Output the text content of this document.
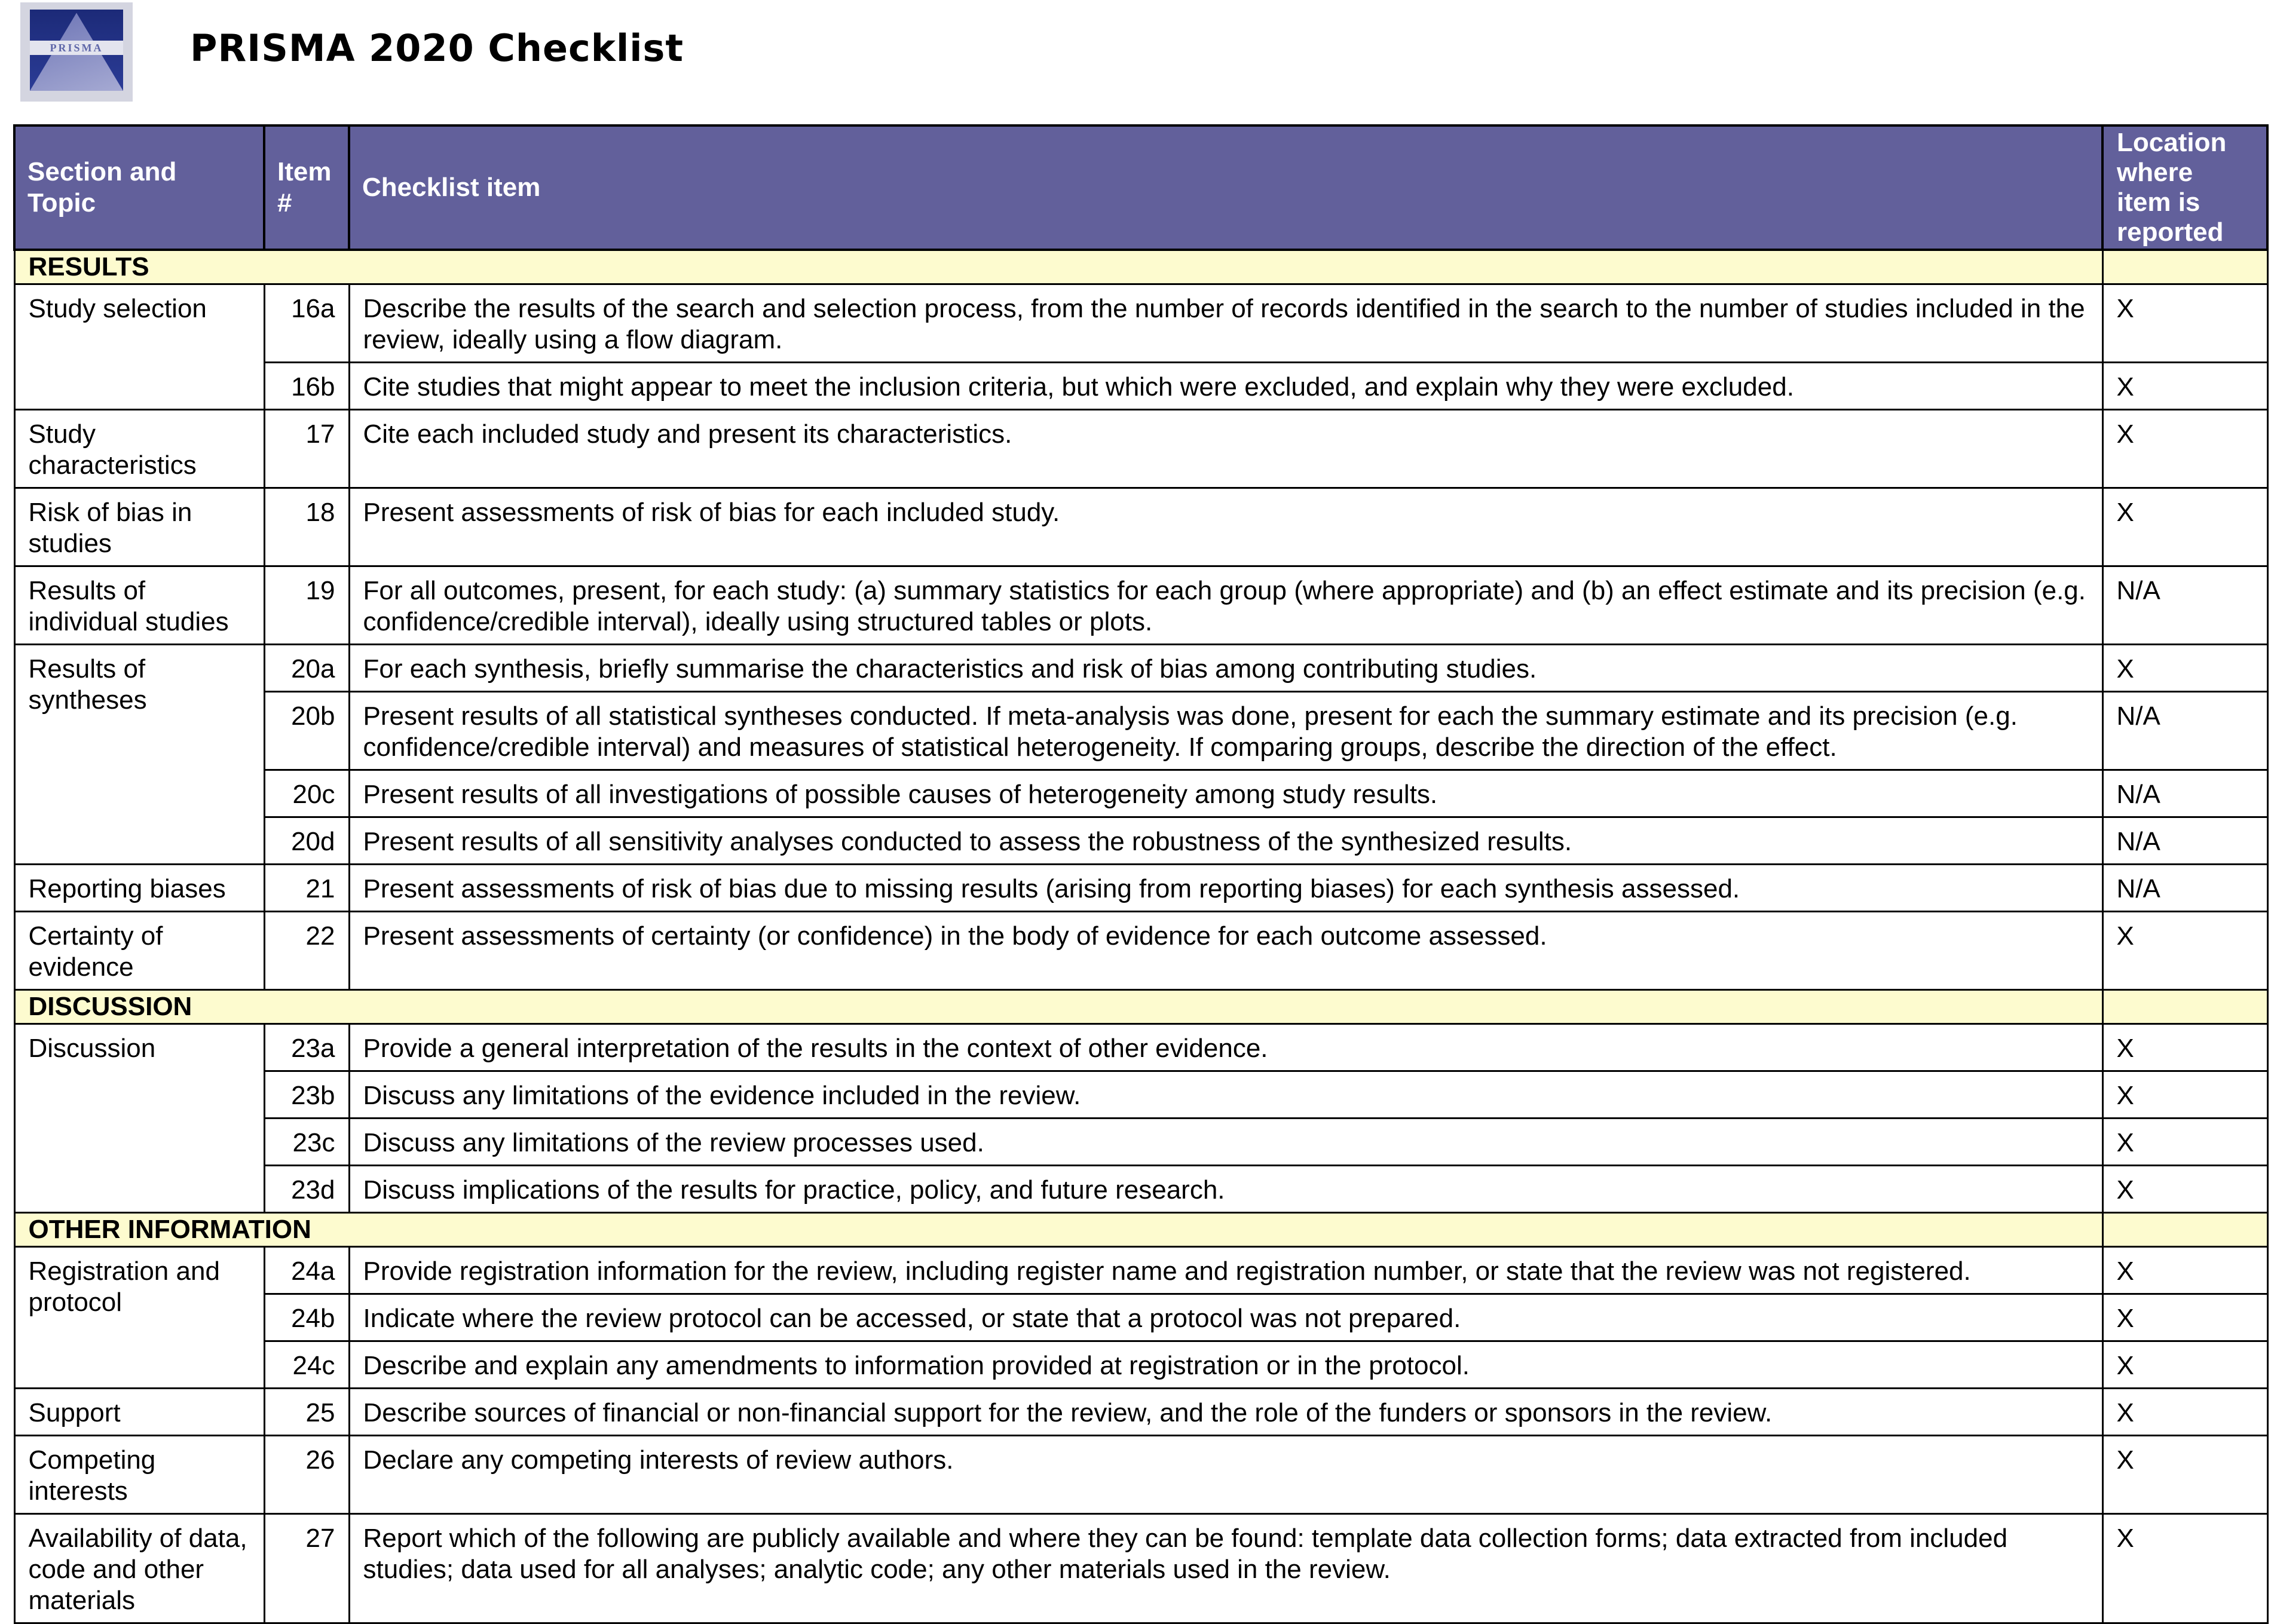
PRISMA	PRISMA 2020 Checklist
Section and Topic	Item #	Checklist item	Location where item is reported
RESULTS			
Study selection	16a	Describe the results of the search and selection process, from the number of records identified in the search to the number of studies included in the review, ideally using a flow diagram.	X
	16b	Cite studies that might appear to meet the inclusion criteria, but which were excluded, and explain why they were excluded.	X
Study characteristics	17	Cite each included study and present its characteristics.	X
Risk of bias in studies	18	Present assessments of risk of bias for each included study.	X
Results of individual studies	19	For all outcomes, present, for each study: (a) summary statistics for each group (where appropriate) and (b) an effect estimate and its precision (e.g. confidence/credible interval), ideally using structured tables or plots.	N/A
Results of syntheses	20a	For each synthesis, briefly summarise the characteristics and risk of bias among contributing studies.	X
	20b	Present results of all statistical syntheses conducted. If meta-analysis was done, present for each the summary estimate and its precision (e.g. confidence/credible interval) and measures of statistical heterogeneity. If comparing groups, describe the direction of the effect.	N/A
	20c	Present results of all investigations of possible causes of heterogeneity among study results.	N/A
	20d	Present results of all sensitivity analyses conducted to assess the robustness of the synthesized results.	N/A
Reporting biases	21	Present assessments of risk of bias due to missing results (arising from reporting biases) for each synthesis assessed.	N/A
Certainty of evidence	22	Present assessments of certainty (or confidence) in the body of evidence for each outcome assessed.	X
DISCUSSION			
Discussion	23a	Provide a general interpretation of the results in the context of other evidence.	X
	23b	Discuss any limitations of the evidence included in the review.	X
	23c	Discuss any limitations of the review processes used.	X
	23d	Discuss implications of the results for practice, policy, and future research.	X
OTHER INFORMATION			
Registration and protocol	24a	Provide registration information for the review, including register name and registration number, or state that the review was not registered.	X
	24b	Indicate where the review protocol can be accessed, or state that a protocol was not prepared.	X
	24c	Describe and explain any amendments to information provided at registration or in the protocol.	X
Support	25	Describe sources of financial or non-financial support for the review, and the role of the funders or sponsors in the review.	X
Competing interests	26	Declare any competing interests of review authors.	X
Availability of data, code and other materials	27	Report which of the following are publicly available and where they can be found: template data collection forms; data extracted from included studies; data used for all analyses; analytic code; any other materials used in the review.	X
